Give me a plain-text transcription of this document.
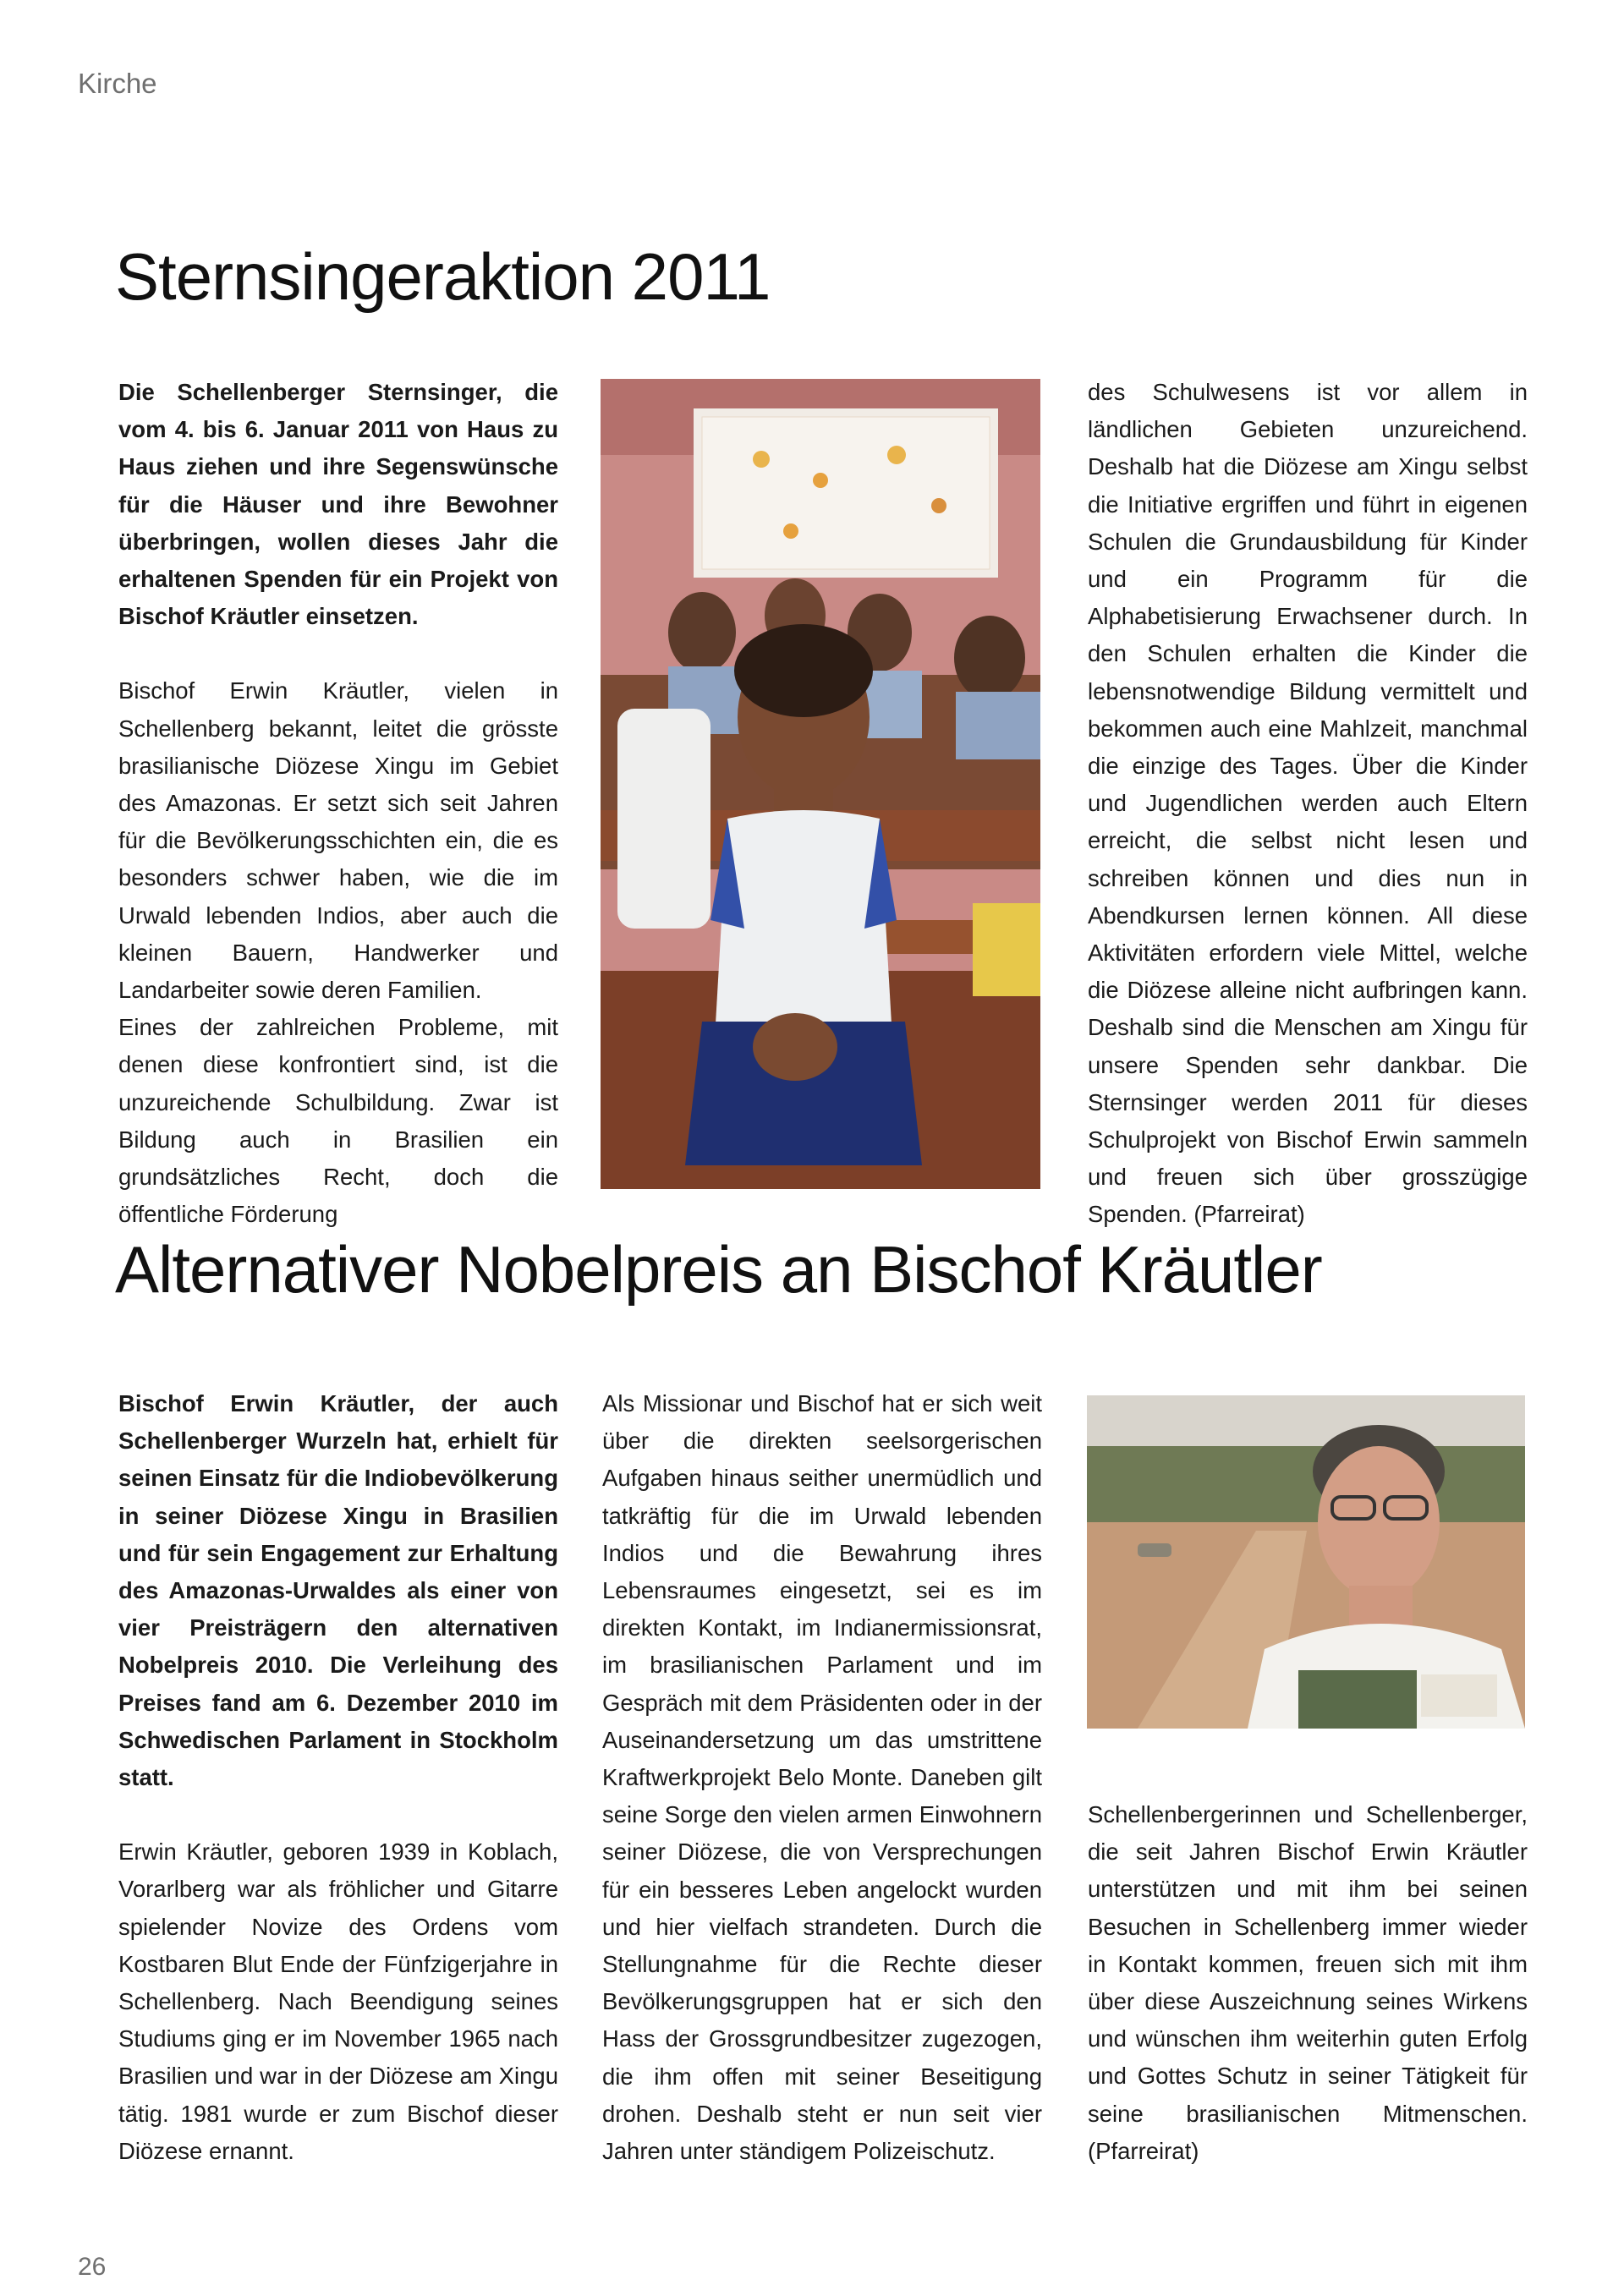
Kirche
Sternsingeraktion 2011

Die Schellenberger Sternsinger, die vom 4. bis 6. Januar 2011 von Haus zu Haus ziehen und ihre Segenswünsche für die Häuser und ihre Bewohner überbringen, wollen dieses Jahr die erhaltenen Spenden für ein Projekt von Bischof Kräutler einsetzen.

Bischof Erwin Kräutler, vielen in Schellenberg bekannt, leitet die grösste brasilianische Diözese Xingu im Gebiet des Amazonas. Er setzt sich seit Jahren für die Bevölkerungsschichten ein, die es besonders schwer haben, wie die im Urwald lebenden Indios, aber auch die kleinen Bauern, Handwerker und Landarbeiter sowie deren Familien.

Eines der zahlreichen Probleme, mit denen diese konfrontiert sind, ist die unzureichende Schulbildung. Zwar ist Bildung auch in Brasilien ein grundsätzliches Recht, doch die öffentliche Förderung

des Schulwesens ist vor allem in ländlichen Gebieten unzureichend. Deshalb hat die Diözese am Xingu selbst die Initiative ergriffen und führt in eigenen Schulen die Grundausbildung für Kinder und ein Programm für die Alphabetisierung Erwachsener durch. In den Schulen erhalten die Kinder die lebensnotwendige Bildung vermittelt und bekommen auch eine Mahlzeit, manchmal die einzige des Tages. Über die Kinder und Jugendlichen werden auch Eltern erreicht, die selbst nicht lesen und schreiben können und dies nun in Abendkursen lernen können. All diese Aktivitäten erfordern viele Mittel, welche die Diözese alleine nicht aufbringen kann. Deshalb sind die Menschen am Xingu für unsere Spenden sehr dankbar. Die Sternsinger werden 2011 für dieses Schulprojekt von Bischof Erwin sammeln und freuen sich über grosszügige Spenden. (Pfarreirat)

Alternativer Nobelpreis an Bischof Kräutler

Bischof Erwin Kräutler, der auch Schellenberger Wurzeln hat, erhielt für seinen Einsatz für die Indiobevölkerung in seiner Diözese Xingu in Brasilien und für sein Engagement zur Erhaltung des Amazonas-Urwaldes als einer von vier Preisträgern den alternativen Nobelpreis 2010. Die Verleihung des Preises fand am 6. Dezember 2010 im Schwedischen Parlament in Stockholm statt.

Erwin Kräutler, geboren 1939 in Koblach, Vorarlberg war als fröhlicher und Gitarre spielender Novize des Ordens vom Kostbaren Blut Ende der Fünfzigerjahre in Schellenberg. Nach Beendigung seines Studiums ging er im November 1965 nach Brasilien und war in der Diözese am Xingu tätig. 1981 wurde er zum Bischof dieser Diözese ernannt.

Als Missionar und Bischof hat er sich weit über die direkten seelsorgerischen Aufgaben hinaus seither unermüdlich und tatkräftig für die im Urwald lebenden Indios und die Bewahrung ihres Lebensraumes eingesetzt, sei es im direkten Kontakt, im Indianermissionsrat, im brasilianischen Parlament und im Gespräch mit dem Präsidenten oder in der Auseinandersetzung um das umstrittene Kraftwerkprojekt Belo Monte. Daneben gilt seine Sorge den vielen armen Einwohnern seiner Diözese, die von Versprechungen für ein besseres Leben angelockt wurden und hier vielfach strandeten. Durch die Stellungnahme für die Rechte dieser Bevölkerungsgruppen hat er sich den Hass der Grossgrundbesitzer zugezogen, die ihm offen mit seiner Beseitigung drohen. Deshalb steht er nun seit vier Jahren unter ständigem Polizeischutz.

Schellenbergerinnen und Schellenberger, die seit Jahren Bischof Erwin Kräutler unterstützen und mit ihm bei seinen Besuchen in Schellenberg immer wieder in Kontakt kommen, freuen sich mit ihm über diese Auszeichnung seines Wirkens und wünschen ihm weiterhin guten Erfolg und Gottes Schutz in seiner Tätigkeit für seine brasilianischen Mitmenschen. (Pfarreirat)

26
